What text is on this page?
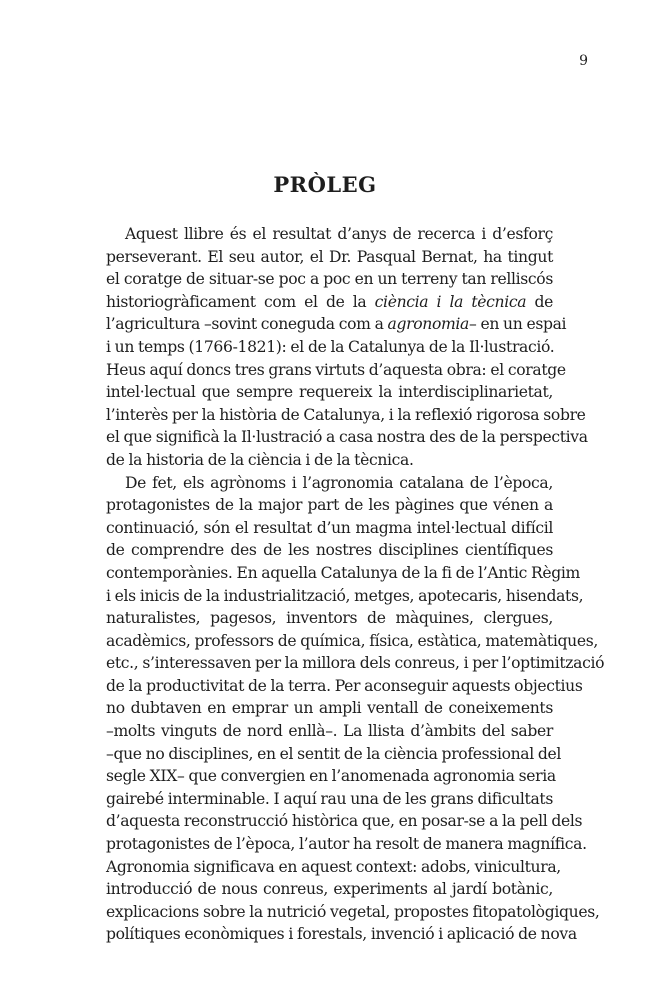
9
PRÒLEG
Aquest llibre és el resultat d’anys de recerca i d’esforç
perseverant. El seu autor, el Dr. Pasqual Bernat, ha tingut
el coratge de situar-se poc a poc en un terreny tan relliscós
historiogràficament com el de la ciència i la tècnica de
l’agricultura –sovint coneguda com a agronomia– en un espai
i un temps (1766-1821): el de la Catalunya de la Il·lustració.
Heus aquí doncs tres grans virtuts d’aquesta obra: el coratge
intel·lectual que sempre requereix la interdisciplinarietat,
l’interès per la història de Catalunya, i la reflexió rigorosa sobre
el que significà la Il·lustració a casa nostra des de la perspectiva
de la historia de la ciència i de la tècnica.
De fet, els agrònoms i l’agronomia catalana de l’època,
protagonistes de la major part de les pàgines que vénen a
continuació, són el resultat d’un magma intel·lectual difícil
de comprendre des de les nostres disciplines científiques
contemporànies. En aquella Catalunya de la fi de l’Antic Règim
i els inicis de la industrialització, metges, apotecaris, hisendats,
naturalistes, pagesos, inventors de màquines, clergues,
acadèmics, professors de química, física, estàtica, matemàtiques,
etc., s’interessaven per la millora dels conreus, i per l’optimització
de la productivitat de la terra. Per aconseguir aquests objectius
no dubtaven en emprar un ampli ventall de coneixements
–molts vinguts de nord enllà–. La llista d’àmbits del saber
–que no disciplines, en el sentit de la ciència professional del
segle XIX– que convergien en l’anomenada agronomia seria
gairebé interminable. I aquí rau una de les grans dificultats
d’aquesta reconstrucció històrica que, en posar-se a la pell dels
protagonistes de l’època, l’autor ha resolt de manera magnífica.
Agronomia significava en aquest context: adobs, vinicultura,
introducció de nous conreus, experiments al jardí botànic,
explicacions sobre la nutrició vegetal, propostes fitopatològiques,
polítiques econòmiques i forestals, invenció i aplicació de nova
